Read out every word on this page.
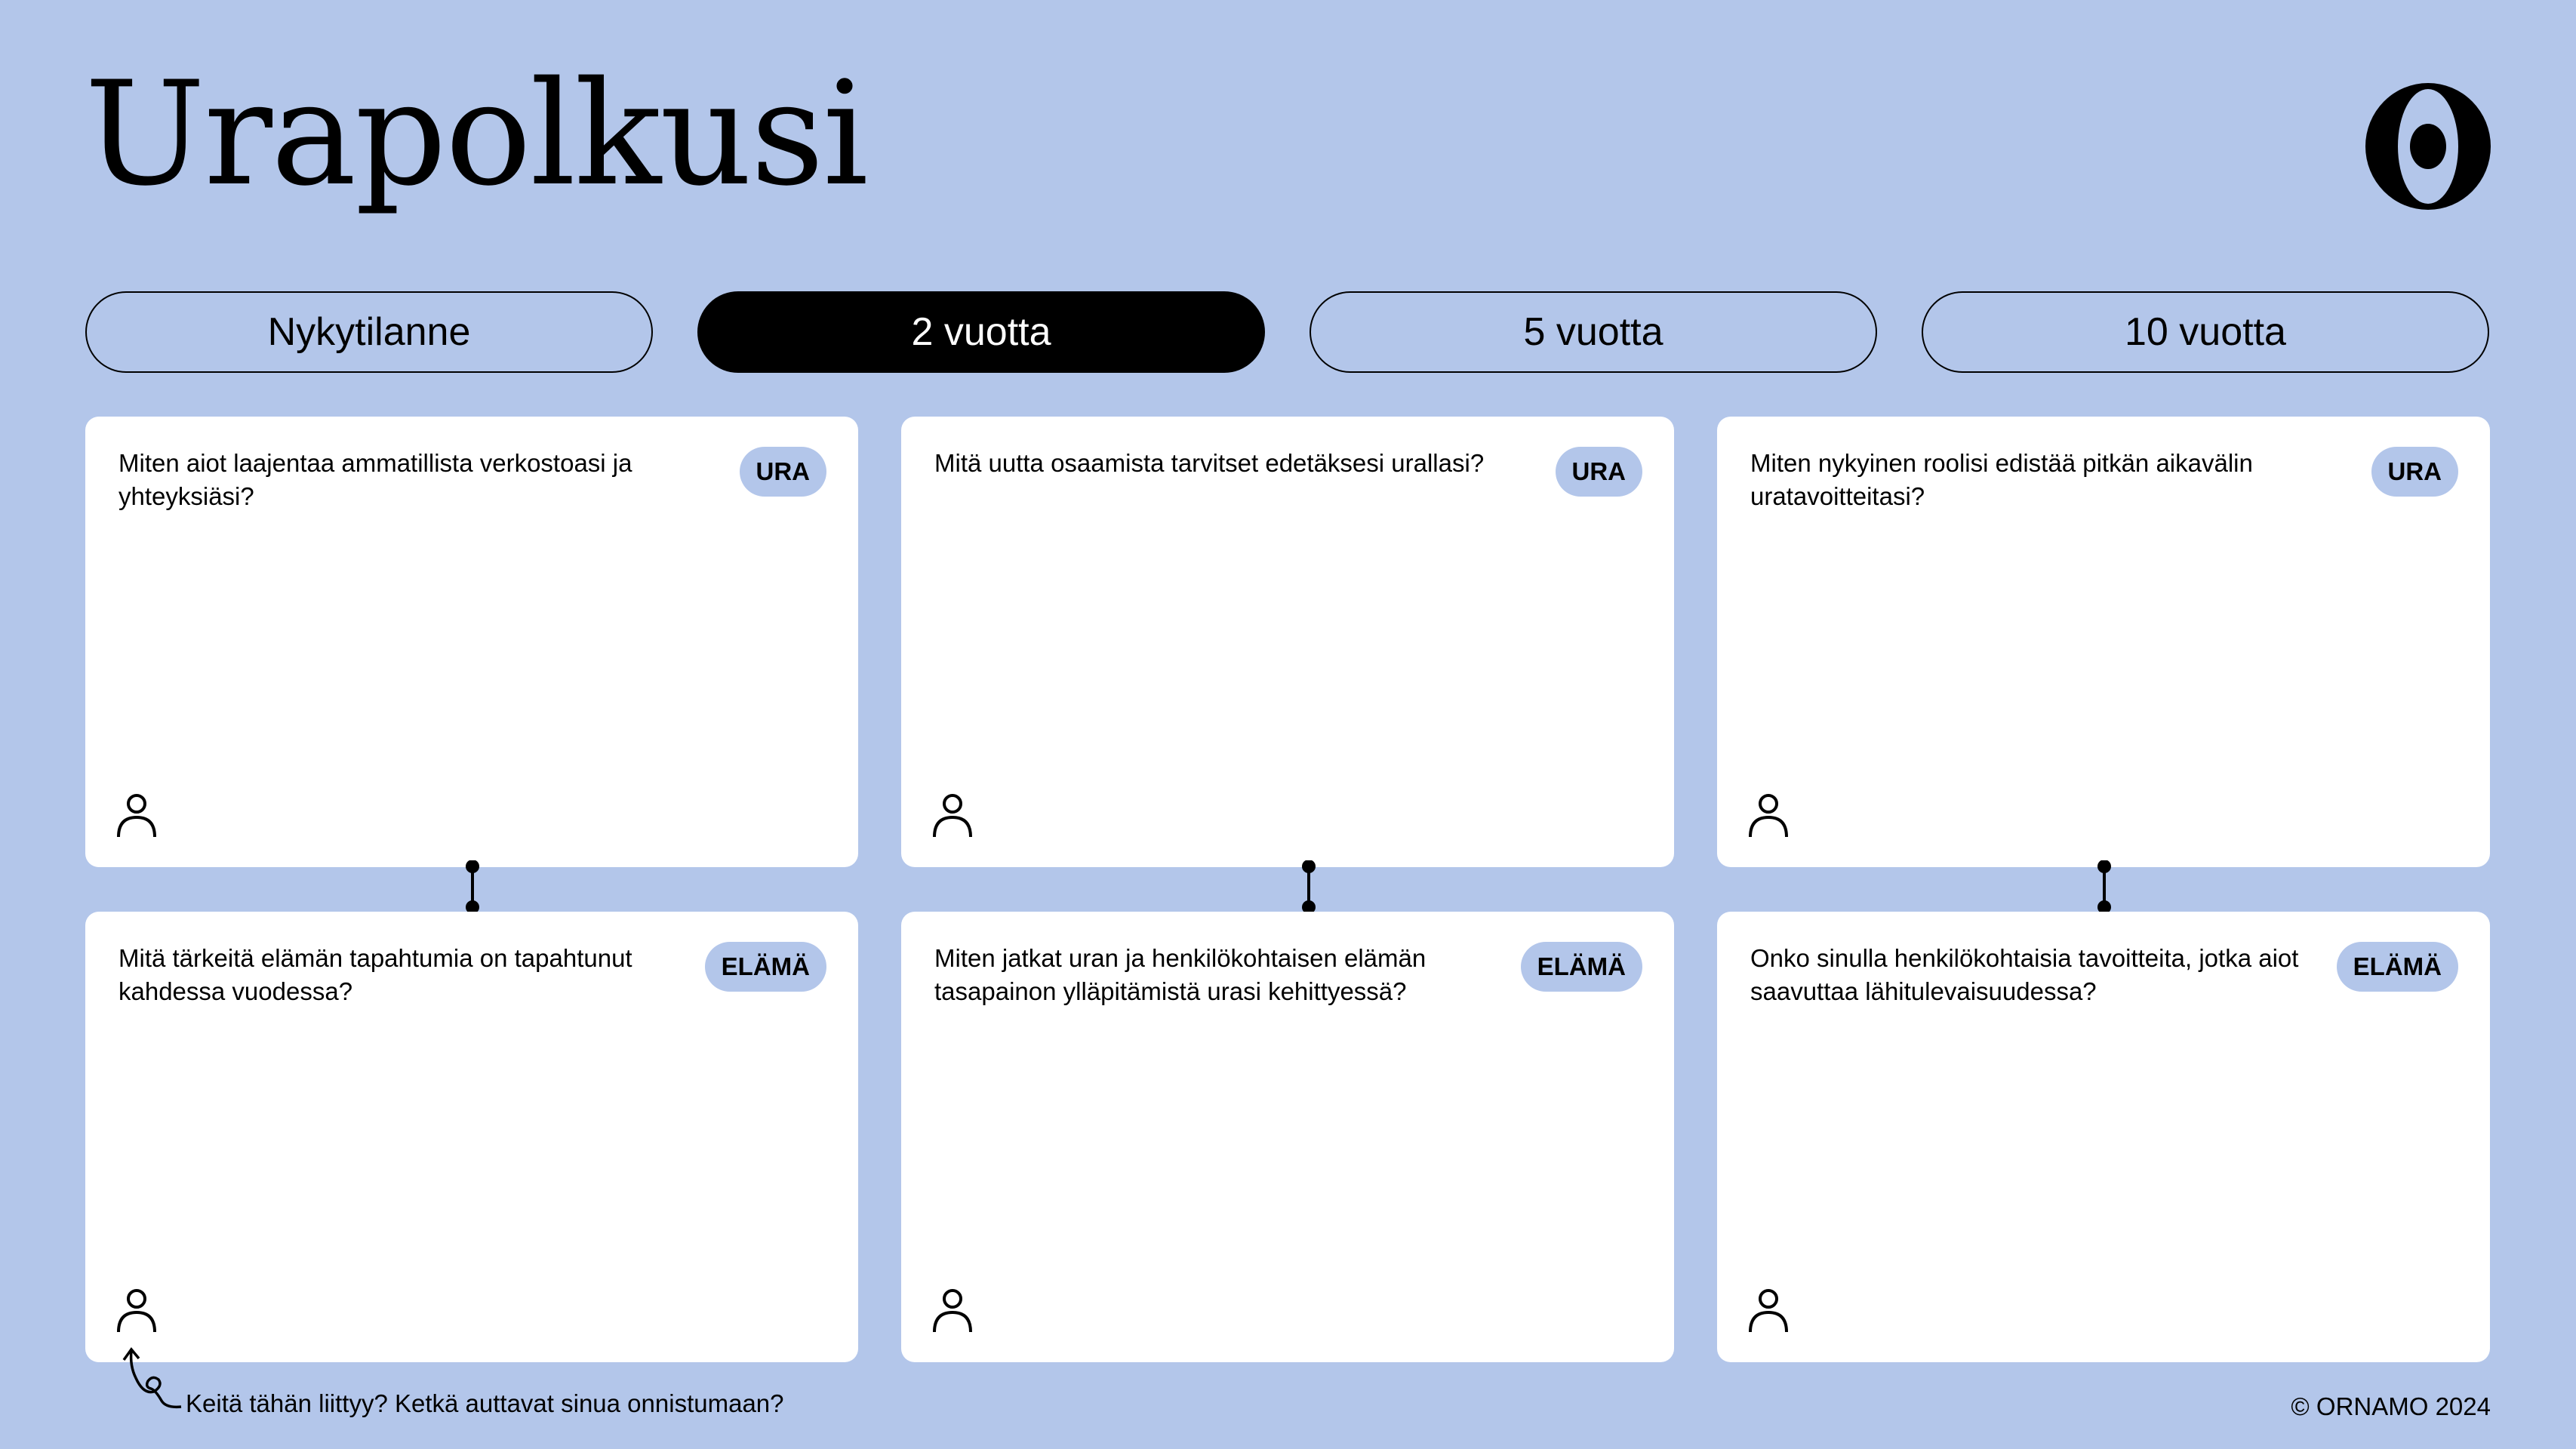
Urapolkusi
Nykytilanne	2 vuotta	5 vuotta	10 vuotta
Miten aiot laajentaa ammatillista verkostoasi ja yhteyksiäsi?
URA	Mitä uutta osaamista tarvitset edetäksesi urallasi?	URA	Miten nykyinen roolisi edistää pitkän aikavälin uratavoitteitasi?
URA
Mitä tärkeitä elämän tapahtumia on tapahtunut kahdessa vuodessa?
ELÄMÄ	Miten jatkat uran ja henkilökohtaisen elämän tasapainon ylläpitämistä urasi kehittyessä?
ELÄMÄ	Onko sinulla henkilökohtaisia tavoitteita, jotka aiot saavuttaa lähitulevaisuudessa?
ELÄMÄ
Keitä tähän liittyy? Ketkä auttavat sinua onnistumaan?	© ORNAMO 2024
